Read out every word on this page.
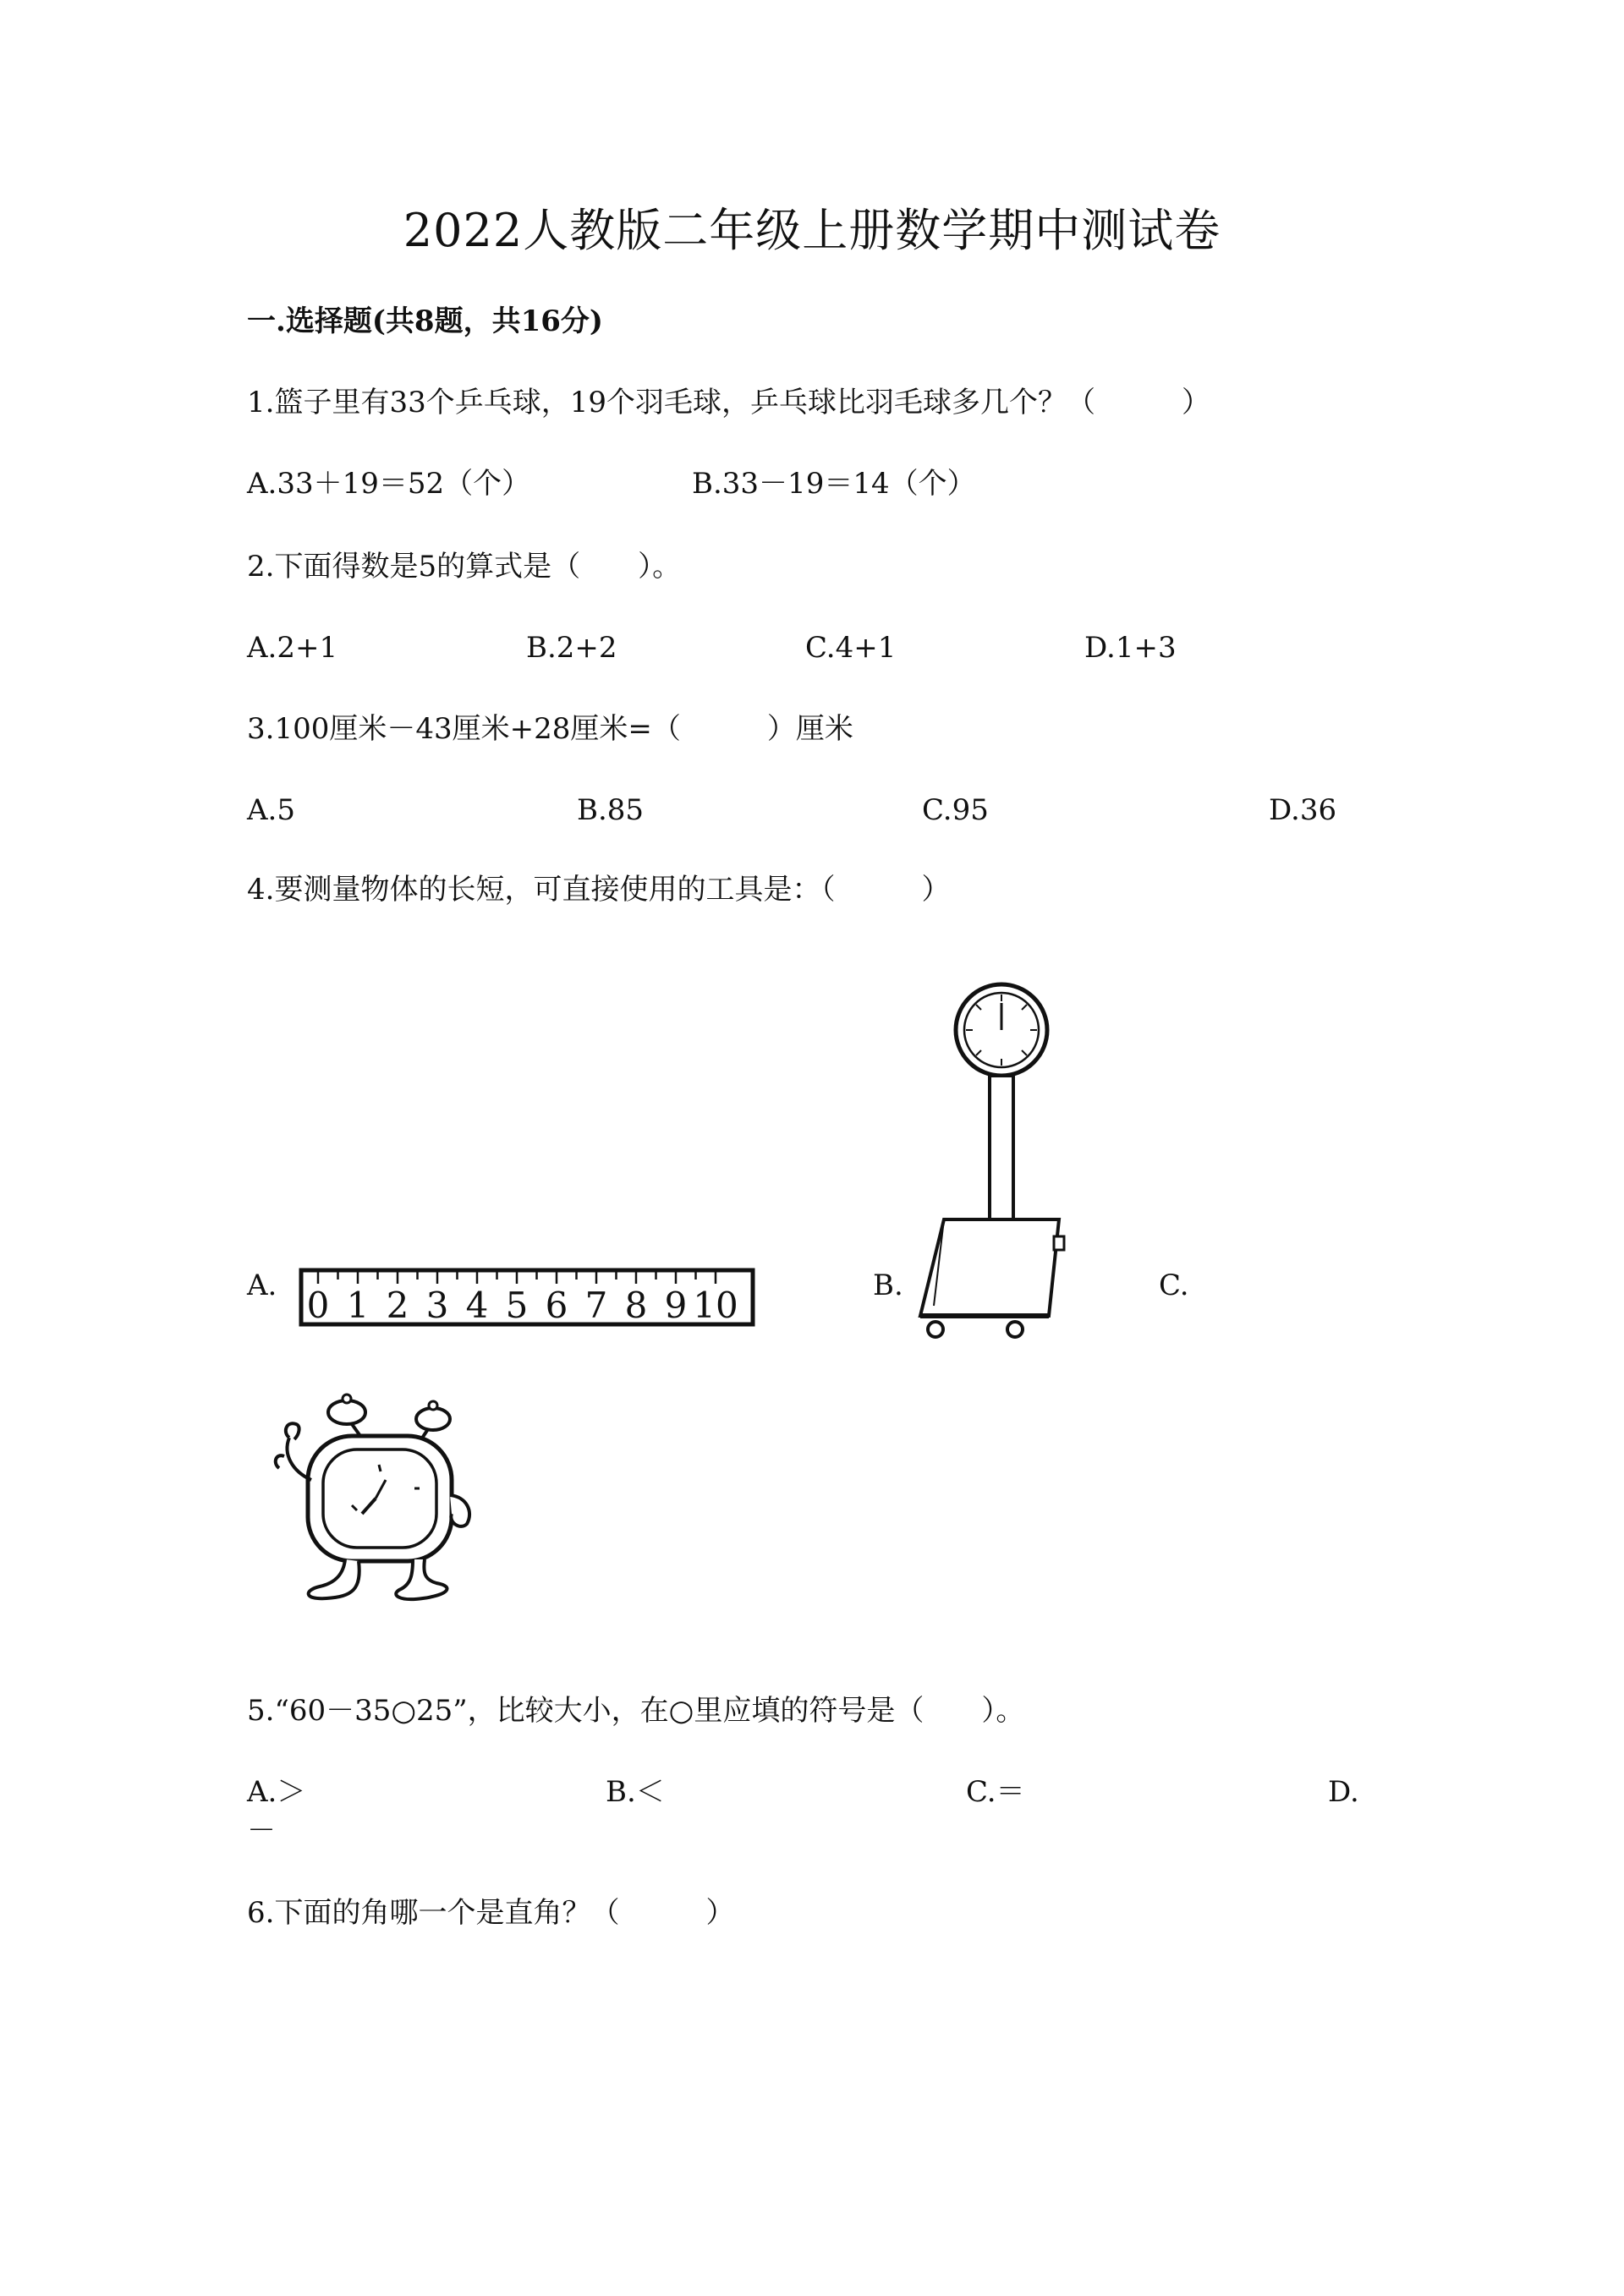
2022人教版二年级上册数学期中测试卷
一.选择题(共8题，共16分)
1.篮子里有33个乒乓球，19个羽毛球，乒乓球比羽毛球多几个？（　　　）
A.33＋19＝52（个）	B.33－19＝14（个）
2.下面得数是5的算式是（　　）。
A.2+1	B.2+2	C.4+1	D.1+3
3.100厘米－43厘米+28厘米=（　　　）厘米
A.5	B.85	C.95	D.36
4.要测量物体的长短，可直接使用的工具是：（　　　）
A.	B.	C.
0 1 2 3 4 5 6 7 8 9 10
5.“60－35○25”，比较大小，在○里应填的符号是（　　）。
A.＞	B.＜	C.＝	D.
－
6.下面的角哪一个是直角？（　　　）
